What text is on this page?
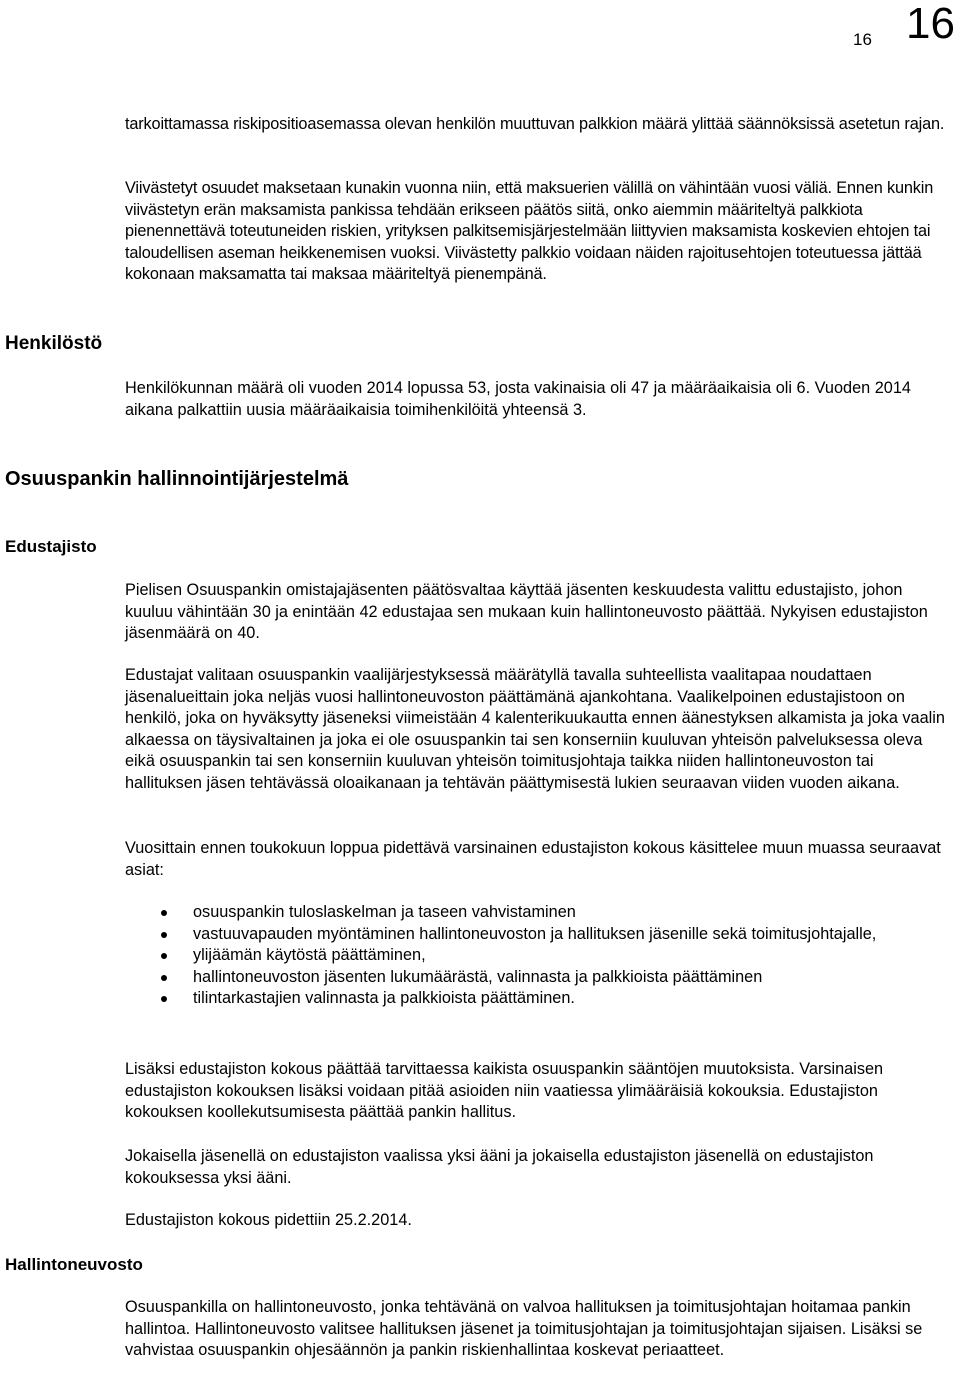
16 16

tarkoittamassa riskipositioasemassa olevan henkilön muuttuvan palkkion määrä ylittää säännöksissä asetetun rajan.

Viivästetyt osuudet maksetaan kunakin vuonna niin, että maksuerien välillä on vähintään vuosi väliä. Ennen kunkin viivästetyn erän maksamista pankissa tehdään erikseen päätös siitä, onko aiemmin määriteltyä palkkiota pienennettävä toteutuneiden riskien, yrityksen palkitsemisjärjestelmään liittyvien maksamista koskevien ehtojen tai taloudellisen aseman heikkenemisen vuoksi. Viivästetty palkkio voidaan näiden rajoitusehtojen toteutuessa jättää kokonaan maksamatta tai maksaa määriteltyä pienempänä.

Henkilöstö

Henkilökunnan määrä oli vuoden 2014 lopussa 53, josta vakinaisia oli 47 ja määräaikaisia oli 6. Vuoden 2014 aikana palkattiin uusia määräaikaisia toimihenkilöitä yhteensä 3.

Osuuspankin hallinnointijärjestelmä
Edustajisto

Pielisen Osuuspankin omistajajäsenten päätösvaltaa käyttää jäsenten keskuudesta valittu edustajisto, johon kuuluu vähintään 30 ja enintään 42 edustajaa sen mukaan kuin hallintoneuvosto päättää. Nykyisen edustajiston jäsenmäärä on 40.

Edustajat valitaan osuuspankin vaalijärjestyksessä määrätyllä tavalla suhteellista vaalitapaa noudattaen jäsenalueittain joka neljäs vuosi hallintoneuvoston päättämänä ajankohtana. Vaalikelpoinen edustajistoon on henkilö, joka on hyväksytty jäseneksi viimeistään 4 kalenterikuukautta ennen äänestyksen alkamista ja joka vaalin alkaessa on täysivaltainen ja joka ei ole osuuspankin tai sen konserniin kuuluvan yhteisön palveluksessa oleva eikä osuuspankin tai sen konserniin kuuluvan yhteisön toimitusjohtaja taikka niiden hallintoneuvoston tai hallituksen jäsen tehtävässä oloaikanaan ja tehtävän päättymisestä lukien seuraavan viiden vuoden aikana.

Vuosittain ennen toukokuun loppua pidettävä varsinainen edustajiston kokous käsittelee muun muassa seuraavat asiat:

osuuspankin tuloslaskelman ja taseen vahvistaminen
vastuuvapauden myöntäminen hallintoneuvoston ja hallituksen jäsenille sekä toimitusjohtajalle,
ylijäämän käytöstä päättäminen,
hallintoneuvoston jäsenten lukumäärästä, valinnasta ja palkkioista päättäminen
tilintarkastajien valinnasta ja palkkioista päättäminen.

Lisäksi edustajiston kokous päättää tarvittaessa kaikista osuuspankin sääntöjen muutoksista. Varsinaisen edustajiston kokouksen lisäksi voidaan pitää asioiden niin vaatiessa ylimääräisiä kokouksia. Edustajiston kokouksen koollekutsumisesta päättää pankin hallitus.

Jokaisella jäsenellä on edustajiston vaalissa yksi ääni ja jokaisella edustajiston jäsenellä on edustajiston kokouksessa yksi ääni.

Edustajiston kokous pidettiin 25.2.2014.

Hallintoneuvosto

Osuuspankilla on hallintoneuvosto, jonka tehtävänä on valvoa hallituksen ja toimitusjohtajan hoitamaa pankin hallintoa. Hallintoneuvosto valitsee hallituksen jäsenet ja toimitusjohtajan ja toimitusjohtajan sijaisen. Lisäksi se vahvistaa osuuspankin ohjesäännön ja pankin riskienhallintaa koskevat periaatteet.
